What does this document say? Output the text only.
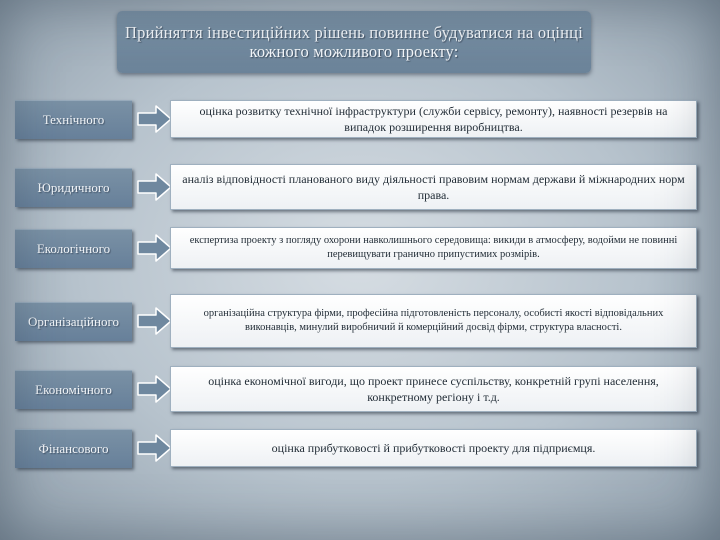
Прийняття інвестиційних рішень повинне будуватися на оцінці кожного можливого проекту:
Технічного
оцінка розвитку технічної інфраструктури (служби сервісу, ремонту), наявності резервів на випадок розширення виробництва.
Юридичного
аналіз відповідності планованого виду діяльності правовим нормам держави й міжнародних норм права.
Екологічного
експертиза проекту з погляду охорони навколишнього середовища: викиди в атмосферу, водойми не повинні перевищувати гранично припустимих розмірів.
Організаційного
організаційна структура фірми, професійна підготовленість персоналу, особисті якості відповідальних виконавців, минулий виробничий й комерційний досвід фірми, структура власності.
Економічного
оцінка економічної вигоди, що проект принесе суспільству, конкретній групі населення, конкретному регіону і т.д.
Фінансового	оцінка прибутковості й прибутковості проекту для підприємця.
